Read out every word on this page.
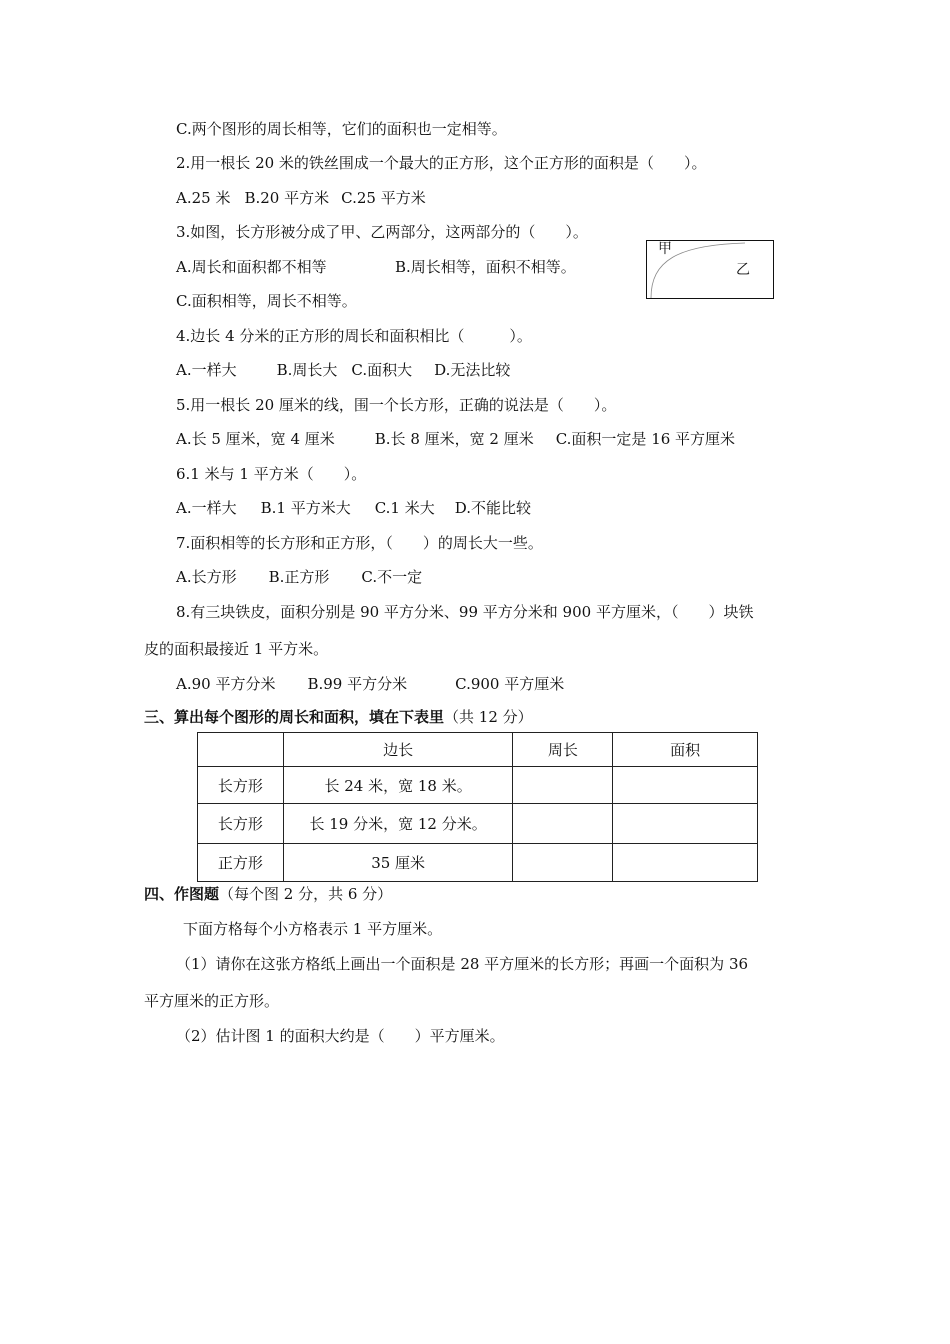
C.两个图形的周长相等，它们的面积也一定相等。
2.用一根长 20 米的铁丝围成一个最大的正方形，这个正方形的面积是（　　）。
A.25 米 B.20 平方米 C.25 平方米
3.如图，长方形被分成了甲、乙两部分，这两部分的（　　）。
A.周长和面积都不相等	B.周长相等，面积不相等。
C.面积相等，周长不相等。
甲
乙
4.边长 4 分米的正方形的周长和面积相比（　　　）。
A.一样大	B.周长大 C.面积大 D.无法比较
5.用一根长 20 厘米的线，围一个长方形，正确的说法是（　　）。
A.长 5 厘米，宽 4 厘米	B.长 8 厘米，宽 2 厘米 C.面积一定是 16 平方厘米
6.1 米与 1 平方米（　　）。
A.一样大 B.1 平方米大 C.1 米大 D.不能比较
7.面积相等的长方形和正方形，（　　）的周长大一些。
A.长方形 B.正方形 C.不一定
8.有三块铁皮，面积分别是 90 平方分米、99 平方分米和 900 平方厘米，（　　）块铁
皮的面积最接近 1 平方米。
A.90 平方分米 B.99 平方分米	C.900 平方厘米
三、算出每个图形的周长和面积，填在下表里（共 12 分）
	边长	周长	面积
长方形	长 24 米，宽 18 米。		
长方形	长 19 分米，宽 12 分米。		
正方形	35 厘米		
四、作图题（每个图 2 分，共 6 分）
下面方格每个小方格表示 1 平方厘米。
（1）请你在这张方格纸上画出一个面积是 28 平方厘米的长方形；再画一个面积为 36
平方厘米的正方形。
（2）估计图 1 的面积大约是（　　）平方厘米。
